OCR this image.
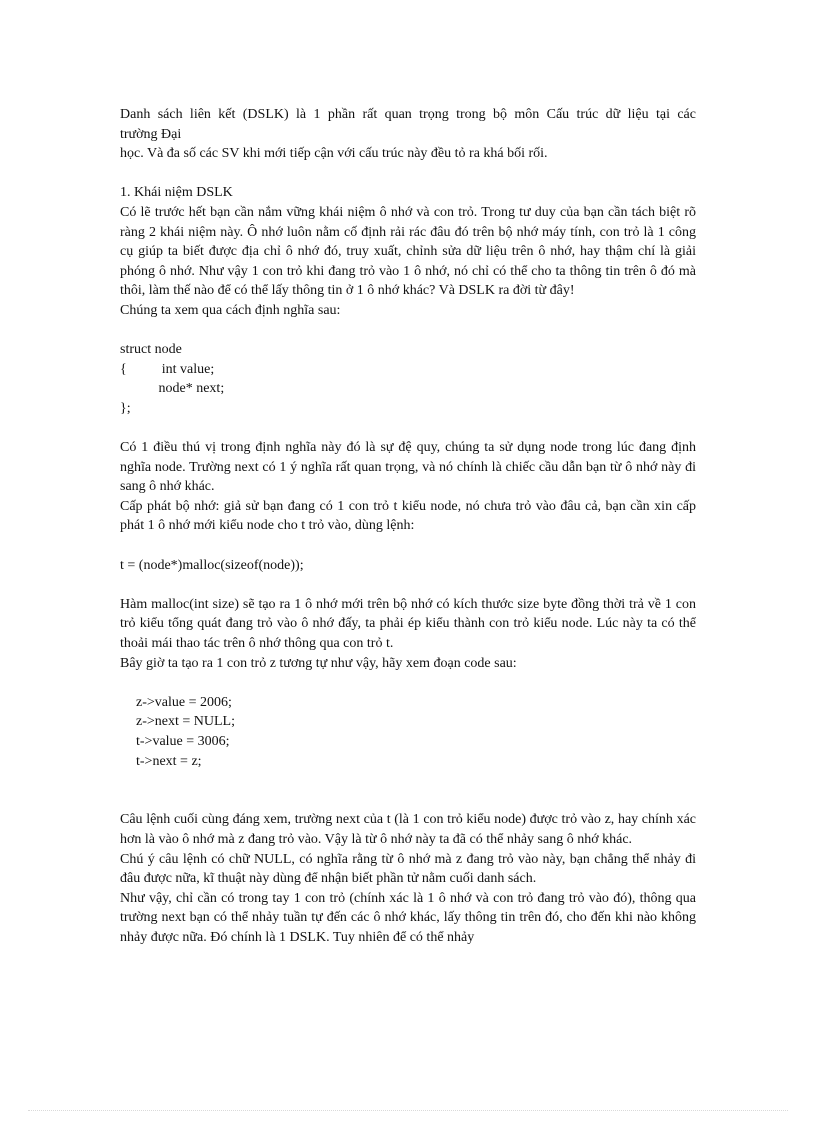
Danh sách liên kết (DSLK) là 1 phần rất quan trọng trong bộ môn Cấu trúc dữ liệu tại các
trường Đại
học. Và đa số các SV khi mới tiếp cận với cấu trúc này đều tỏ ra khá bối rối.

1. Khái niệm DSLK

Có lẽ trước hết bạn cần nắm vững khái niệm ô nhớ và con trỏ. Trong tư duy của bạn cần tách biệt rõ ràng 2 khái niệm này. Ô nhớ luôn nằm cố định rải rác đâu đó trên bộ nhớ máy tính, con trỏ là 1 công cụ giúp ta biết được địa chỉ ô nhớ đó, truy xuất, chỉnh sửa dữ liệu trên ô nhớ, hay thậm chí là giải phóng ô nhớ. Như vậy 1 con trỏ khi đang trỏ vào 1 ô nhớ, nó chỉ có thể cho ta thông tin trên ô đó mà thôi, làm thế nào để có thể lấy thông tin ở 1 ô nhớ khác? Và DSLK ra đời từ đây!

Chúng ta xem qua cách định nghĩa sau:

struct node
{          int value;
node* next;
};

Có 1 điều thú vị trong định nghĩa này đó là sự đệ quy, chúng ta sử dụng node trong lúc đang định nghĩa node. Trường next có 1 ý nghĩa rất quan trọng, và nó chính là chiếc cầu dẫn bạn từ ô nhớ này đi sang ô nhớ khác.

Cấp phát bộ nhớ: giả sử bạn đang có 1 con trỏ t kiểu node, nó chưa trỏ vào đâu cả, bạn cần xin cấp phát 1 ô nhớ mới kiểu node cho t trỏ vào, dùng lệnh:

t = (node*)malloc(sizeof(node));

Hàm malloc(int size) sẽ tạo ra 1 ô nhớ mới trên bộ nhớ có kích thước size byte đồng thời trả về 1 con trỏ kiểu tổng quát đang trỏ vào ô nhớ đấy, ta phải ép kiểu thành con trỏ kiểu node. Lúc này ta có thể thoải mái thao tác trên ô nhớ thông qua con trỏ t.

Bây giờ ta tạo ra 1 con trỏ z tương tự như vậy, hãy xem đoạn code sau:

z->value = 2006;
z->next = NULL;
t->value = 3006;
t->next = z;

Câu lệnh cuối cùng đáng xem, trường next của t (là 1 con trỏ kiểu node) được trỏ vào z, hay chính xác hơn là vào ô nhớ mà z đang trỏ vào. Vậy là từ ô nhớ này ta đã có thể nhảy sang ô nhớ khác.

Chú ý câu lệnh có chữ NULL, có nghĩa rằng từ ô nhớ mà z đang trỏ vào này, bạn chẳng thể nhảy đi đâu được nữa, kĩ thuật này dùng để nhận biết phần tử nằm cuối danh sách.

Như vậy, chỉ cần có trong tay 1 con trỏ (chính xác là 1 ô nhớ và con trỏ đang trỏ vào đó), thông qua trường next bạn có thể nhảy tuần tự đến các ô nhớ khác, lấy thông tin trên đó, cho đến khi nào không nhảy được nữa. Đó chính là 1 DSLK. Tuy nhiên để có thể nhảy
